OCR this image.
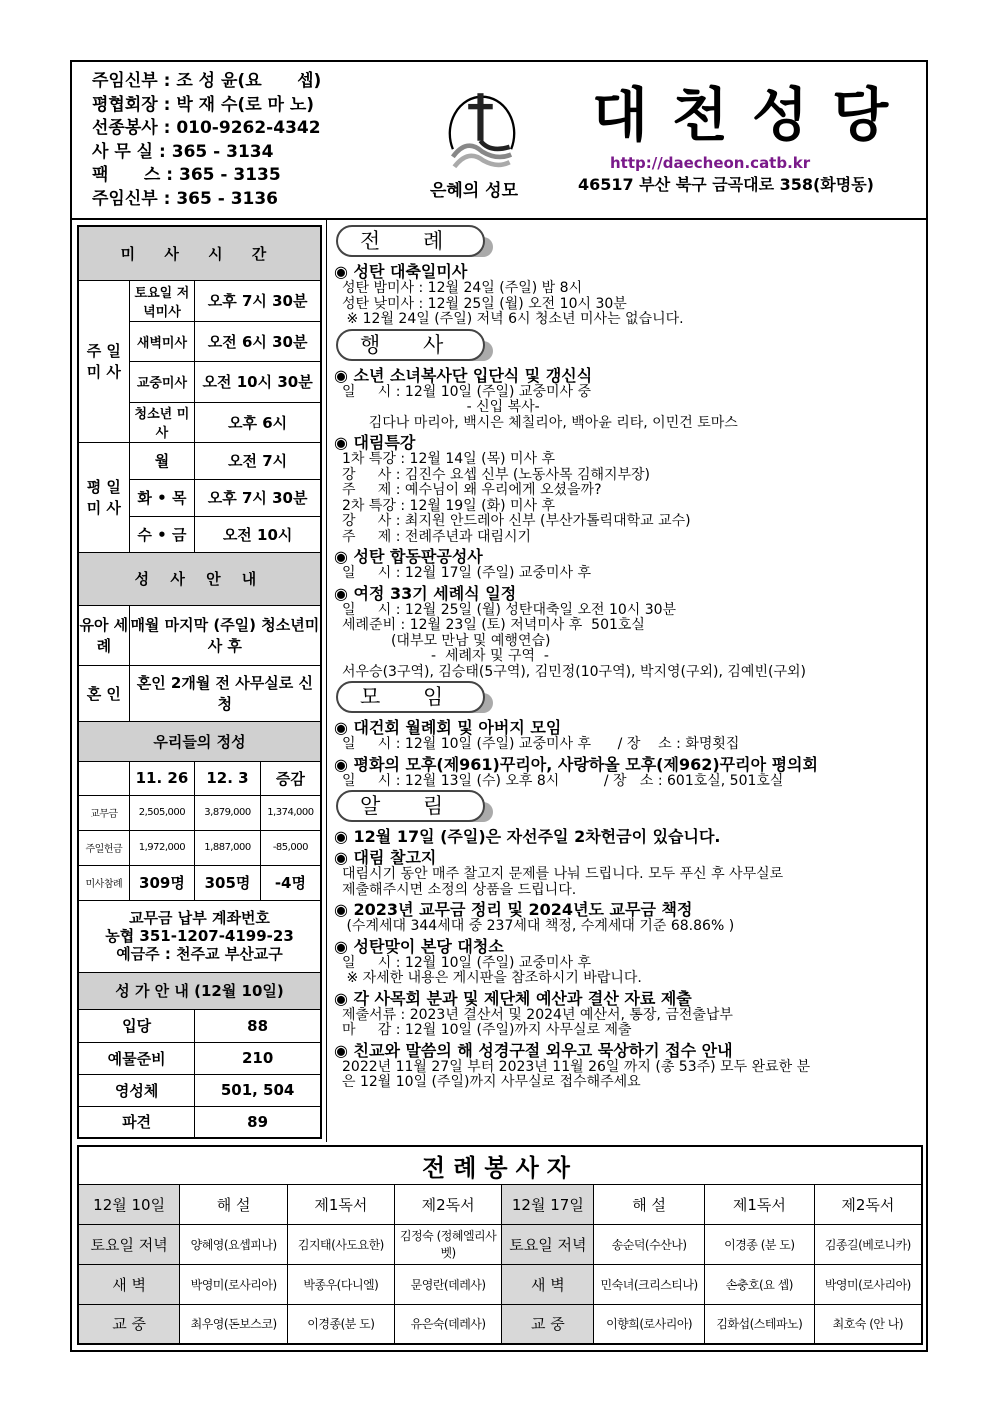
주임신부 : 조 성 윤(요      셉)
평협회장 : 박 재 수(로 마 노)
선종봉사 : 010-9262-4342
사 무 실 : 365 - 3134
팩      스 : 365 - 3135
주임신부 : 365 - 3136	은혜의 성모
대천성당
http://daecheon.catb.kr
46517 부산 북구 금곡대로 358(화명동)
미 사 시 간			
주 일 미 사	토요일 저녁미사	오후 7시 30분	
	새벽미사	오전 6시 30분	
	교중미사	오전 10시 30분	
	청소년 미사	오후 6시	
평 일 미 사	월	오전 7시	
	화 • 목	오후 7시 30분	
	수 • 금	오전 10시	
성 사 안 내			
유아 세례	매월 마지막 (주일) 청소년미사 후		
혼 인	혼인 2개월 전 사무실로 신청		
우리들의 정성			
	11. 26	12. 3	증감
교무금	2,505,000	3,879,000	1,374,000
주일헌금	1,972,000	1,887,000	-85,000
미사참례	309명	305명	-4명

교무금 납부 계좌번호
농협 351-1207-4199-23
예금주 : 천주교 부산교구			

성 가 안 내 (12월 10일)			
입당		88	
예물준비		210	
영성체		501, 504	
파견		89	
전 례
◉ 성탄 대축일미사
성탄 밤미사 : 12월 24일 (주일) 밤 8시
성탄 낮미사 : 12월 25일 (월) 오전 10시 30분
※ 12월 24일 (주일) 저녁 6시 청소년 미사는 없습니다.
행 사
◉ 소년 소녀복사단 입단식 및 갱신식
일     시 : 12월 10일 (주일) 교중미사 중
- 신입 복사-
김다나 마리아, 백시은 체칠리아, 백아윤 리타, 이민건 토마스
◉ 대림특강
1차 특강 : 12월 14일 (목) 미사 후
강     사 : 김진수 요셉 신부 (노동사목 김해지부장)
주     제 : 예수님이 왜 우리에게 오셨을까?
2차 특강 : 12월 19일 (화) 미사 후
강     사 : 최지원 안드레아 신부 (부산가톨릭대학교 교수)
주     제 : 전례주년과 대림시기
◉ 성탄 합동판공성사
일     시 : 12월 17일 (주일) 교중미사 후
◉ 여정 33기 세례식 일정
일     시 : 12월 25일 (월) 성탄대축일 오전 10시 30분
세례준비 : 12월 23일 (토) 저녁미사 후  501호실
(대부모 만남 및 예행연습)
-  세례자 및 구역  -
서우승(3구역), 김승태(5구역), 김민정(10구역), 박지영(구외), 김예빈(구외)
모 임
◉ 대건회 월례회 및 아버지 모임
일     시 : 12월 10일 (주일) 교중미사 후      / 장    소 : 화명횟집
◉ 평화의 모후(제961)꾸리아, 사랑하올 모후(제962)꾸리아 평의회
일     시 : 12월 13일 (수) 오후 8시          / 장   소 : 601호실, 501호실
알 림
◉ 12월 17일 (주일)은 자선주일 2차헌금이 있습니다.
◉ 대림 찰고지
대림시기 동안 매주 찰고지 문제를 나눠 드립니다. 모두 푸신 후 사무실로
제출해주시면 소정의 상품을 드립니다.
◉ 2023년 교무금 정리 및 2024년도 교무금 책정
(수계세대 344세대 중 237세대 책정, 수계세대 기준 68.86% )
◉ 성탄맞이 본당 대청소
일     시 : 12월 10일 (주일) 교중미사 후
※ 자세한 내용은 게시판을 참조하시기 바랍니다.
◉ 각 사목회 분과 및 제단체 예산과 결산 자료 제출
제출서류 : 2023년 결산서 및 2024년 예산서, 통장, 금전출납부
마     감 : 12월 10일 (주일)까지 사무실로 제출
◉ 친교와 말씀의 해 성경구절 외우고 묵상하기 접수 안내
2022년 11월 27일 부터 2023년 11월 26일 까지 (총 53주) 모두 완료한 분
은 12월 10일 (주일)까지 사무실로 접수해주세요
전례봉사자							
12월 10일	해 설	제1독서	제2독서	12월 17일	해 설	제1독서	제2독서
토요일 저녁	양혜영(요셉피나)	김지태(사도요한)	김정숙 (정혜엘리사벳)	토요일 저녁	송순덕(수산나)	이경종 (분 도)	김종길(베로니카)
새 벽	박영미(로사리아)	박종우(다니엘)	문영란(데레사)	새 벽	민숙녀(크리스티나)	손충호(요 셉)	박영미(로사리아)
교 중	최우영(돈보스코)	이경종(분 도)	유은숙(데레사)	교 중	이향희(로사리아)	김화섭(스테파노)	최호숙 (안 나)
